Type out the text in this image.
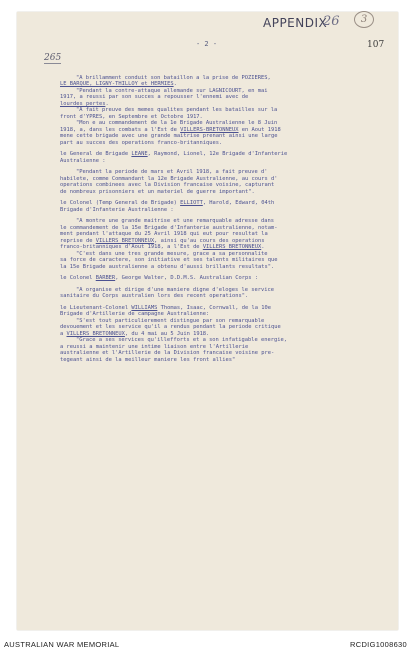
APPENDIX
26	3
107
- 2 -
265

"A brillamment conduit son bataillon a la prise de POZIERES,

LE BARQUE, LIGNY-THILLOY et HERMIES.

"Pendant la contre-attaque allemande sur LAGNICOURT, en mai

1917, a reussi par son succes a repousser l'ennemi avec de

lourdes pertes.

"A fait preuve des memes qualites pendant les batailles sur la

front d'YPRES, en Septembre et Octobre 1917.

"Mon e au commandement de la 1e Brigade Australienne le 8 Juin

1918, a, dans les combats a l'Est de VILLERS-BRETONNEUX en Aout 1918

mene cette brigade avec une grande maitrise prenant ainsi une large

part au succes des operations franco-britanniques.

le General de Brigade LEANE, Raymond, Lionel, 12e Brigade d'Infanterie

Australienne :

"Pendant la periode de mars et Avril 1918, a fait preuve d'

habilete, comme Commandant la 12e Brigade Australienne, au cours d'

operations combinees avec la Division francaise voisine, capturant

de nombreux prisonniers et un materiel de guerre important".

le Colonel (Temp General de Brigade) ELLIOTT, Harold, Edward, 04th

Brigade d'Infanterie Australienne :

"A montre une grande maitrise et une remarquable adresse dans

le commandement de la 15e Brigade d'Infanterie australienne, notam-

ment pendant l'attaque du 25 Avril 1918 qui eut pour resultat la

reprise de VILLERS BRETONNEUX, ainsi qu'au cours des operations

franco-britanniques d'Aout 1918, a l'Est de VILLERS BRETONNEUX.

"C'est dans une tres grande mesure, grace a sa personnalite

sa force de caractere, son initiative et ses talents militaires que

la 15e Brigade australienne a obtenu d'aussi brillants resultats".

le Colonel BARBER, George Walter, D.D.M.S. Australian Corps :

"A organise et dirige d'une maniere digne d'eloges le service

sanitaire du Corps australien lors des recent operations".

le Lieutenant-Colonel WILLIAMS Thomas, Isaac, Cornwall, de la 10e

Brigade d'Artillerie de campagne Australienne:

"S'est tout particulierement distingue par son remarquable

devouement et les service qu'il a rendus pendant la periode critique

a VILLERS BRETONNEUX, du 4 mai au 5 Juin 1918.

"Grace a ses services qu'illefforts et a son infatigable energie,

a reussi a maintenir une intime liaison entre l'Artillerie

australienne et l'Artillerie de la Division francaise voisine pre-

tegeant ainsi de la meilleur maniere les front allies"

AUSTRALIAN WAR MEMORIAL	RCDIG1008630
